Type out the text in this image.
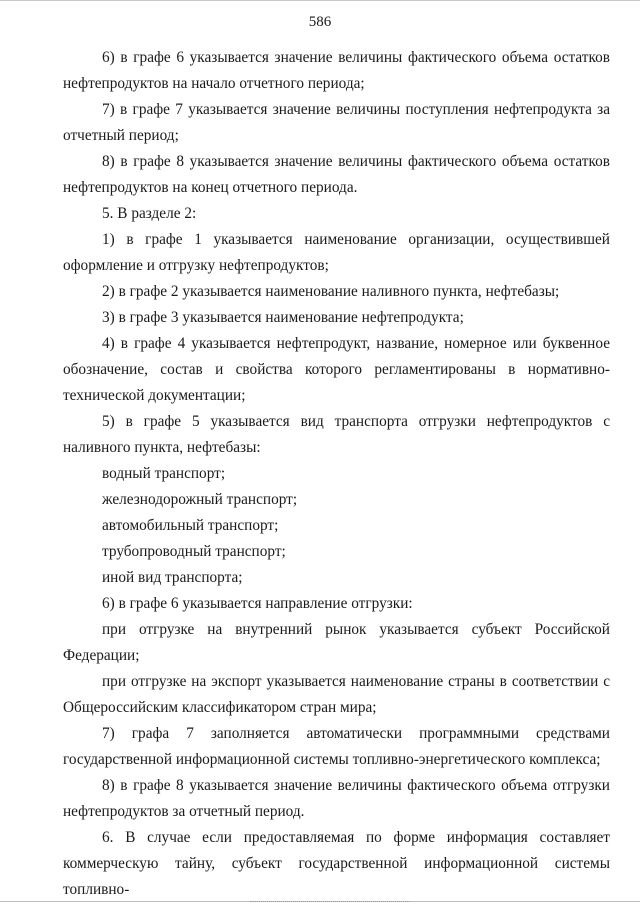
586

6) в графе 6 указывается значение величины фактического объема остатков нефтепродуктов на начало отчетного периода;

7) в графе 7 указывается значение величины поступления нефтепродукта за отчетный период;

8) в графе 8 указывается значение величины фактического объема остатков нефтепродуктов на конец отчетного периода.

5. В разделе 2:

1) в графе 1 указывается наименование организации, осуществившей оформление и отгрузку нефтепродуктов;

2) в графе 2 указывается наименование наливного пункта, нефтебазы;

3) в графе 3 указывается наименование нефтепродукта;

4) в графе 4 указывается нефтепродукт, название, номерное или буквенное обозначение, состав и свойства которого регламентированы в нормативно-технической документации;

5) в графе 5 указывается вид транспорта отгрузки нефтепродуктов с наливного пункта, нефтебазы:

водный транспорт;

железнодорожный транспорт;

автомобильный транспорт;

трубопроводный транспорт;

иной вид транспорта;

6) в графе 6 указывается направление отгрузки:

при отгрузке на внутренний рынок указывается субъект Российской Федерации;

при отгрузке на экспорт указывается наименование страны в соответствии с Общероссийским классификатором стран мира;

7) графа 7 заполняется автоматически программными средствами государственной информационной системы топливно-энергетического комплекса;

8) в графе 8 указывается значение величины фактического объема отгрузки нефтепродуктов за отчетный период.

6. В случае если предоставляемая по форме информация составляет

коммерческую тайну, субъект государственной информационной системы топливно-
